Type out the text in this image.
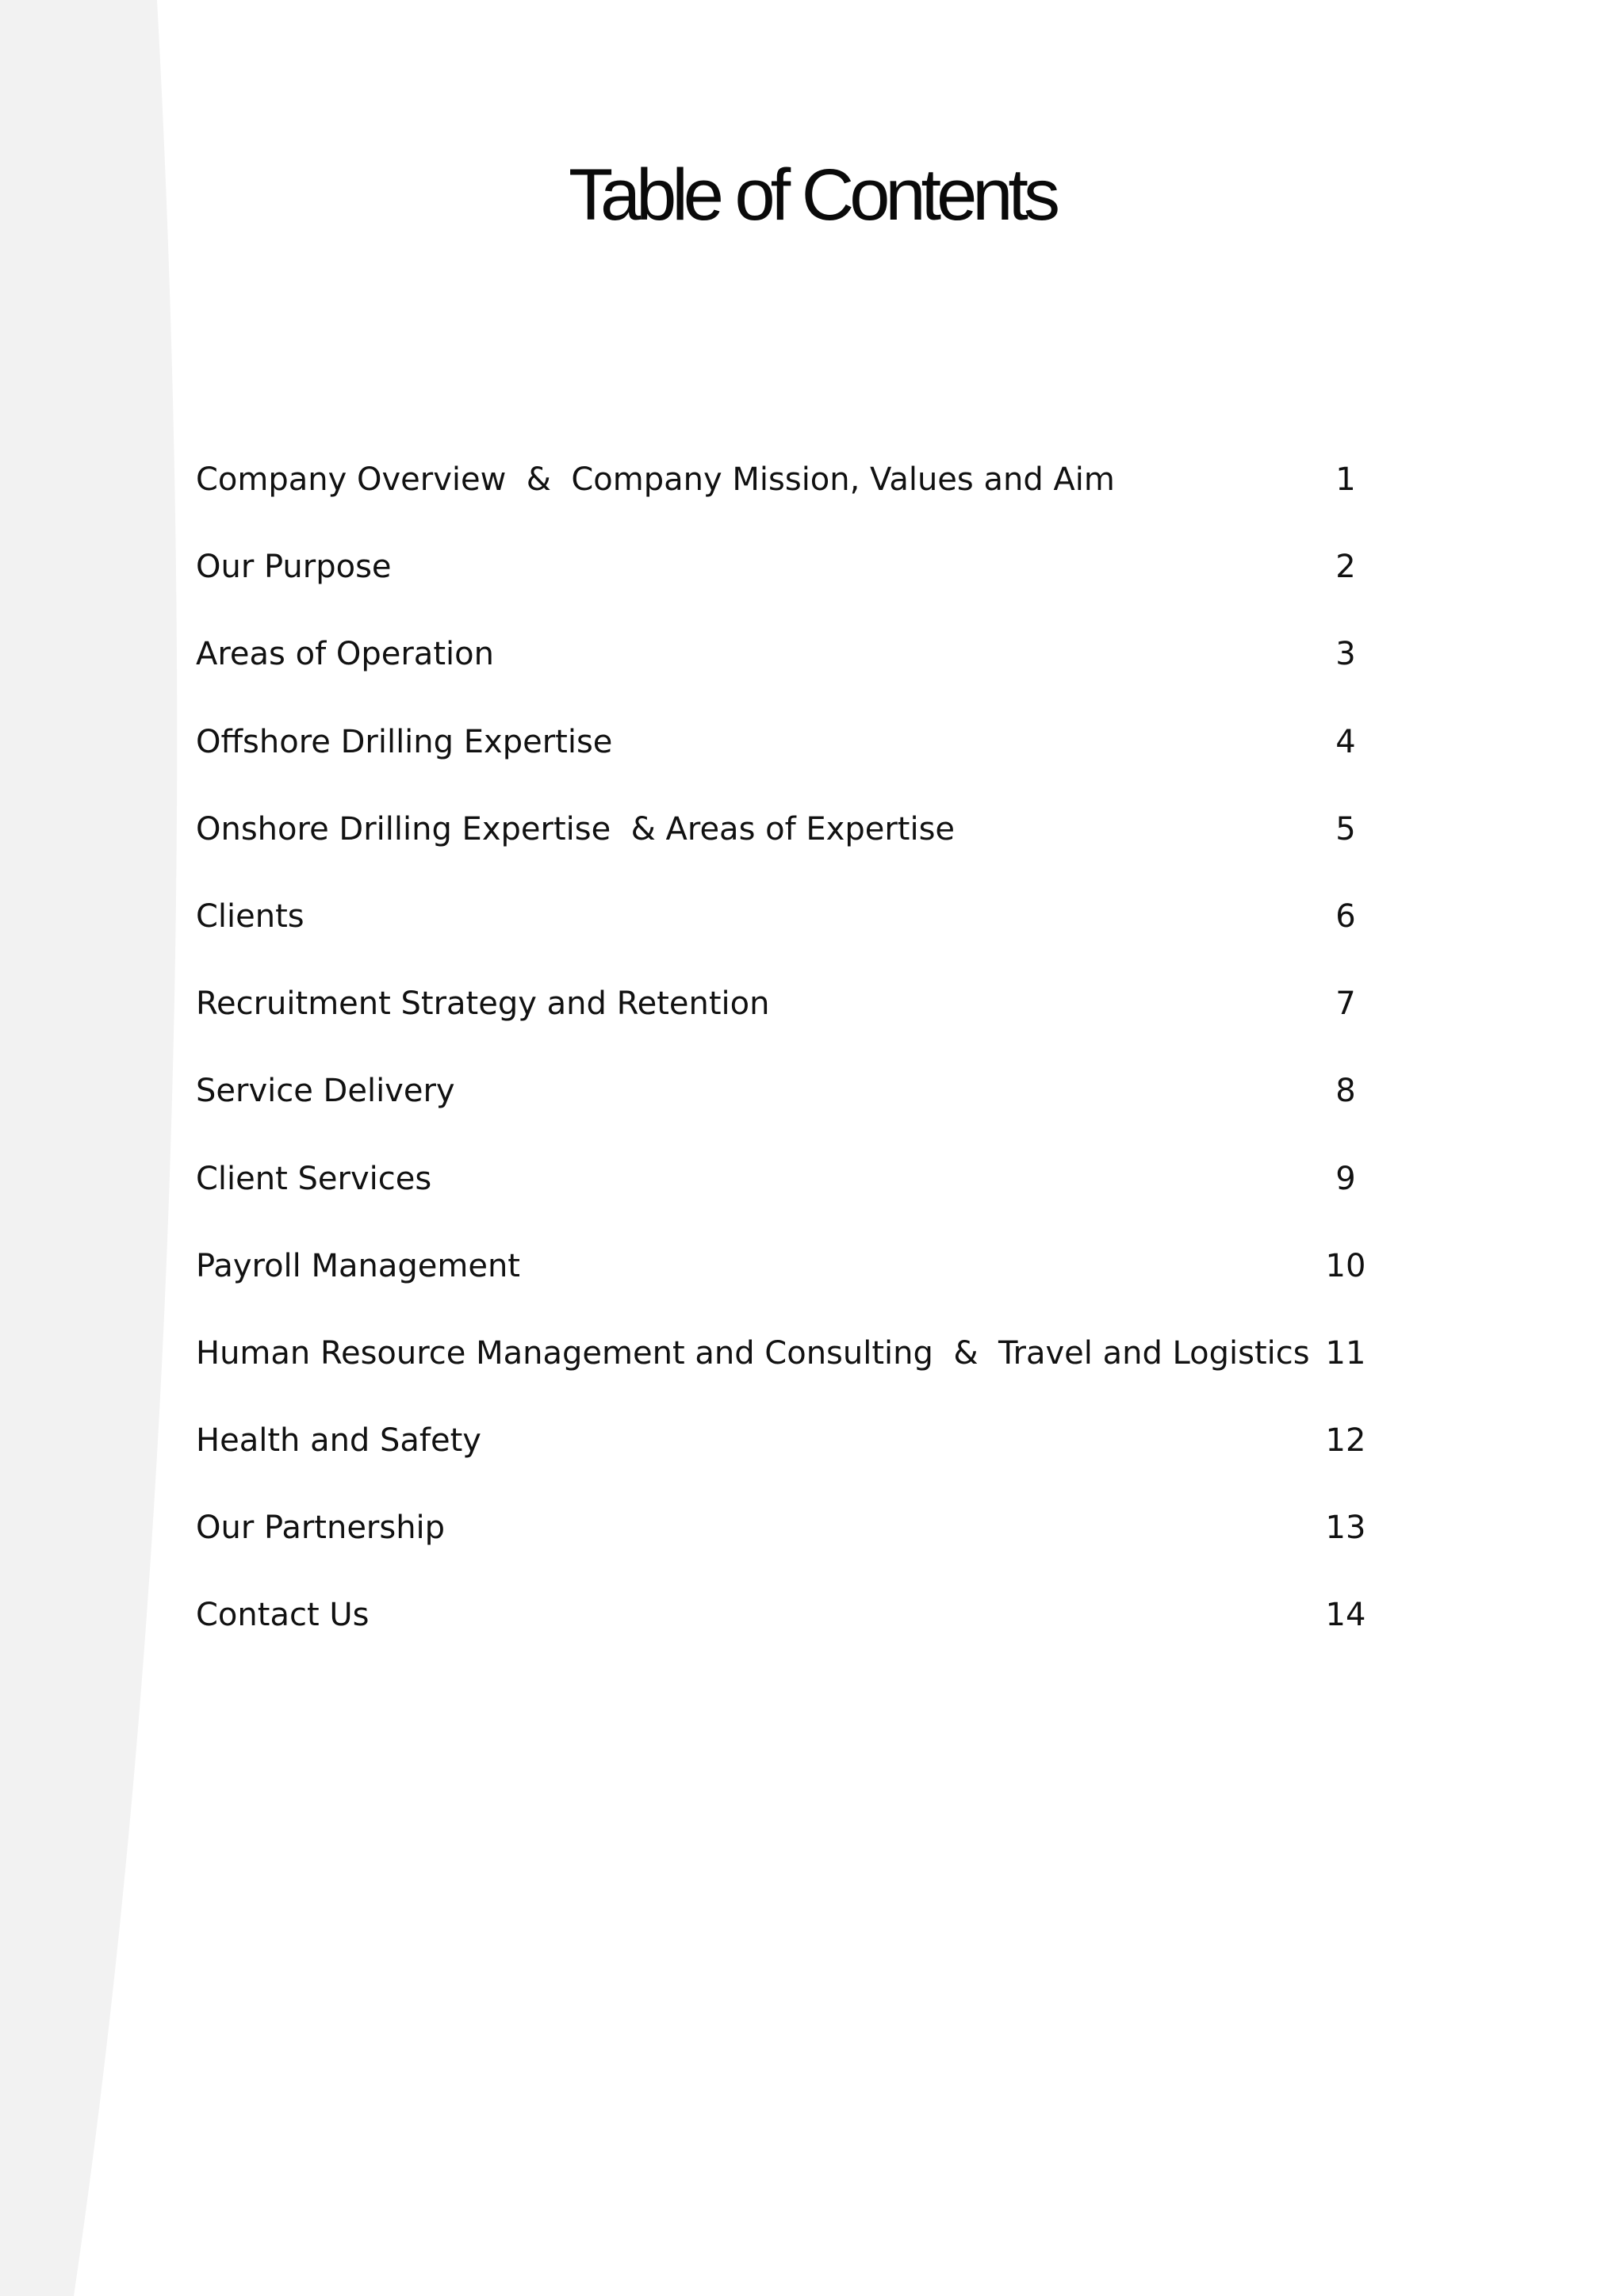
Table of Contents
Company Overview  &  Company Mission, Values and Aim	1
Our Purpose	2
Areas of Operation	3
Offshore Drilling Expertise	4
Onshore Drilling Expertise  & Areas of Expertise	5
Clients	6
Recruitment Strategy and Retention	7
Service Delivery	8
Client Services	9
Payroll Management	10
Human Resource Management and Consulting  &  Travel and Logistics 11
Health and Safety	12
Our Partnership	13
Contact Us	14
